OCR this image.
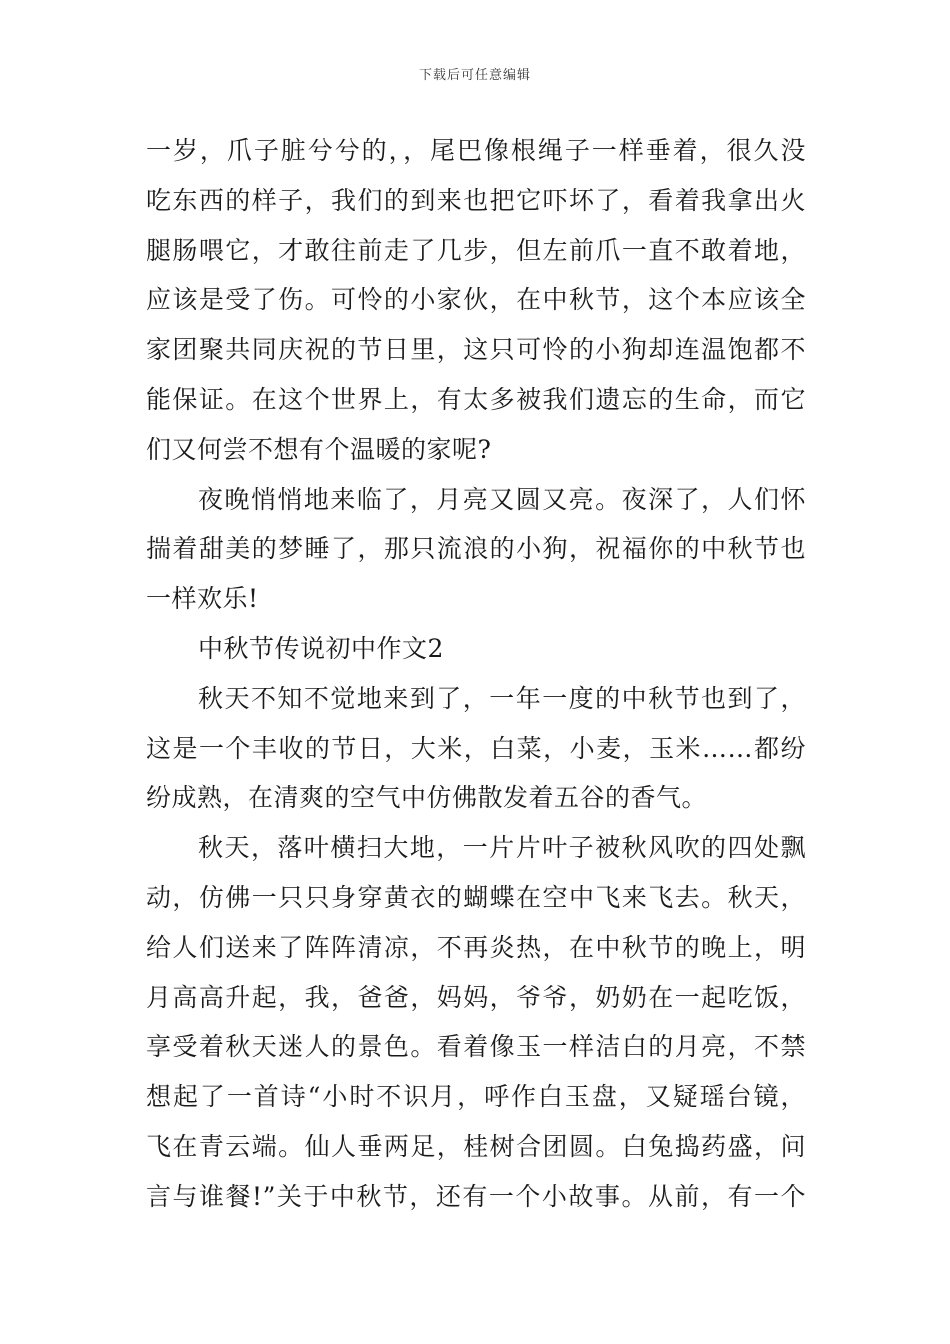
下载后可任意编辑
一岁，爪子脏兮兮的，，尾巴像根绳子一样垂着，很久没
吃东西的样子，我们的到来也把它吓坏了，看着我拿出火
腿肠喂它，才敢往前走了几步，但左前爪一直不敢着地，
应该是受了伤。可怜的小家伙，在中秋节，这个本应该全
家团聚共同庆祝的节日里，这只可怜的小狗却连温饱都不
能保证。在这个世界上，有太多被我们遗忘的生命，而它
们又何尝不想有个温暖的家呢?
夜晚悄悄地来临了，月亮又圆又亮。夜深了，人们怀
揣着甜美的梦睡了，那只流浪的小狗，祝福你的中秋节也
一样欢乐!
中秋节传说初中作文2
秋天不知不觉地来到了，一年一度的中秋节也到了，
这是一个丰收的节日，大米，白菜，小麦，玉米……都纷
纷成熟，在清爽的空气中仿佛散发着五谷的香气。
秋天，落叶横扫大地，一片片叶子被秋风吹的四处飘
动，仿佛一只只身穿黄衣的蝴蝶在空中飞来飞去。秋天，
给人们送来了阵阵清凉，不再炎热，在中秋节的晚上，明
月高高升起，我，爸爸，妈妈，爷爷，奶奶在一起吃饭，
享受着秋天迷人的景色。看着像玉一样洁白的月亮，不禁
想起了一首诗“小时不识月，呼作白玉盘，又疑瑶台镜，
飞在青云端。仙人垂两足，桂树合团圆。白兔捣药盛，问
言与谁餐!”关于中秋节，还有一个小故事。从前，有一个
